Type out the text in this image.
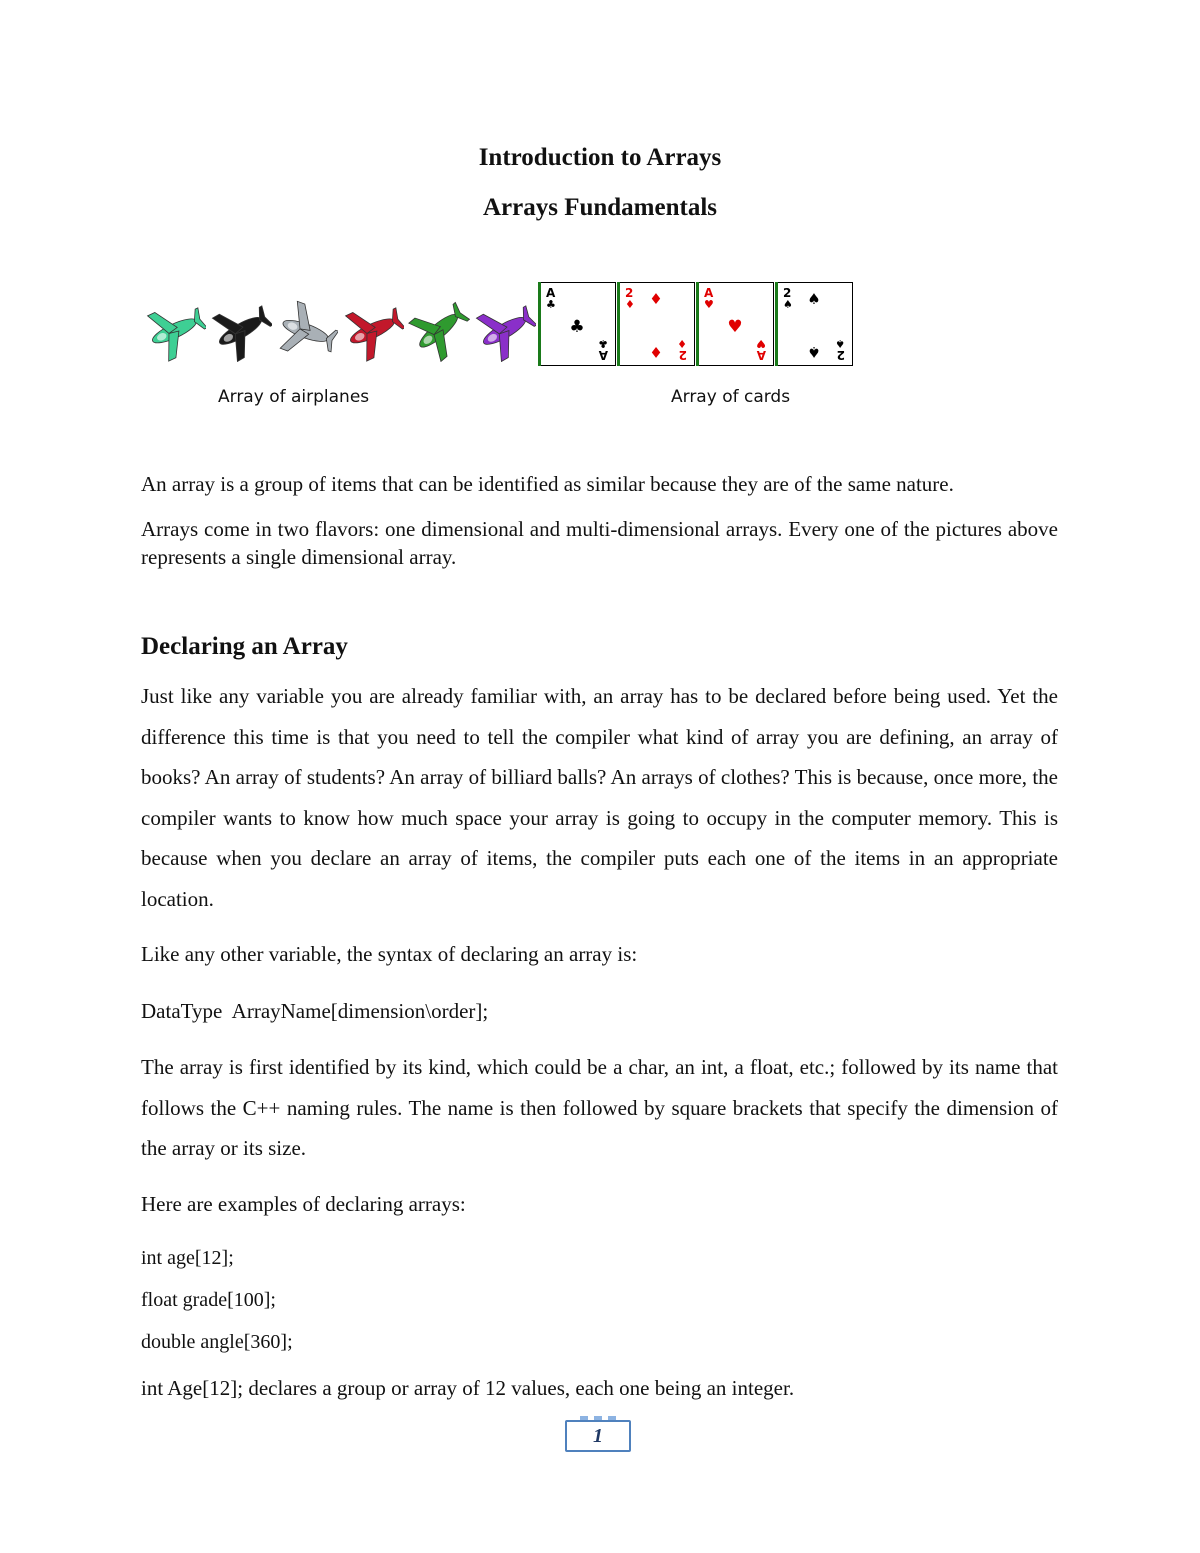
Introduction to Arrays
Arrays Fundamentals
A
♣
♣
A
♣
2
♦ ♦
♦ 2
♦
A
♥
♥
A
♥
2
♠ ♠
♠ 2
♠
Array of airplanes	Array of cards

An array is a group of items that can be identified as similar because they are of the same nature.

Arrays come in two flavors: one dimensional and multi-dimensional arrays. Every one of the pictures above represents a single dimensional array.

Declaring an Array

Just like any variable you are already familiar with, an array has to be declared before being used. Yet the difference this time is that you need to tell the compiler what kind of array you are defining, an array of books? An array of students? An array of billiard balls? An arrays of clothes? This is because, once more, the compiler wants to know how much space your array is going to occupy in the computer memory. This is because when you declare an array of items, the compiler puts each one of the items in an appropriate location.

Like any other variable, the syntax of declaring an array is:

DataType  ArrayName[dimension\order];

The array is first identified by its kind, which could be a char, an int, a float, etc.; followed by its name that follows the C++ naming rules. The name is then followed by square brackets that specify the dimension of the array or its size.

Here are examples of declaring arrays:

int age[12];

float grade[100];

double angle[360];

int Age[12]; declares a group or array of 12 values, each one being an integer.

1
